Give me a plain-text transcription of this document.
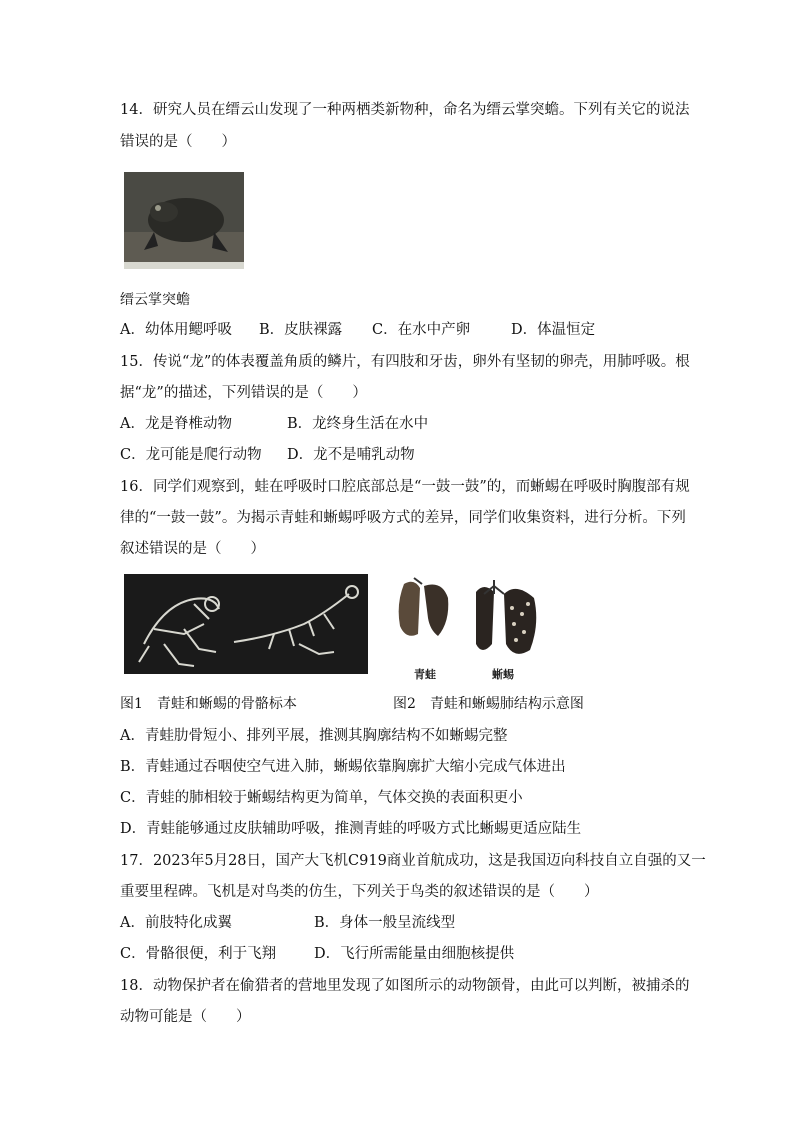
14．研究人员在缙云山发现了一种两栖类新物种，命名为缙云掌突蟾。下列有关它的说法
错误的是（　　）
缙云掌突蟾
A．幼体用鳃呼吸 B．皮肤裸露 C．在水中产卵	D．体温恒定
15．传说“龙”的体表覆盖角质的鳞片，有四肢和牙齿，卵外有坚韧的卵壳，用肺呼吸。根
据“龙”的描述，下列错误的是（　　）
A．龙是脊椎动物	B．龙终身生活在水中
C．龙可能是爬行动物 D．龙不是哺乳动物
16．同学们观察到，蛙在呼吸时口腔底部总是“一鼓一鼓”的，而蜥蜴在呼吸时胸腹部有规
律的“一鼓一鼓”。为揭示青蛙和蜥蜴呼吸方式的差异，同学们收集资料，进行分析。下列
叙述错误的是（　　）
青蛙	蜥蜴
图1　青蛙和蜥蜴的骨骼标本	图2　青蛙和蜥蜴肺结构示意图
A．青蛙肋骨短小、排列平展，推测其胸廓结构不如蜥蜴完整
B．青蛙通过吞咽使空气进入肺，蜥蜴依靠胸廓扩大缩小完成气体进出
C．青蛙的肺相较于蜥蜴结构更为简单，气体交换的表面积更小
D．青蛙能够通过皮肤辅助呼吸，推测青蛙的呼吸方式比蜥蜴更适应陆生
17．2023年5月28日，国产大飞机C919商业首航成功，这是我国迈向科技自立自强的又一
重要里程碑。飞机是对鸟类的仿生，下列关于鸟类的叙述错误的是（　　）
A．前肢特化成翼	B．身体一般呈流线型
C．骨骼很便，利于飞翔	D．飞行所需能量由细胞核提供
18．动物保护者在偷猎者的营地里发现了如图所示的动物颌骨，由此可以判断，被捕杀的
动物可能是（　　）
